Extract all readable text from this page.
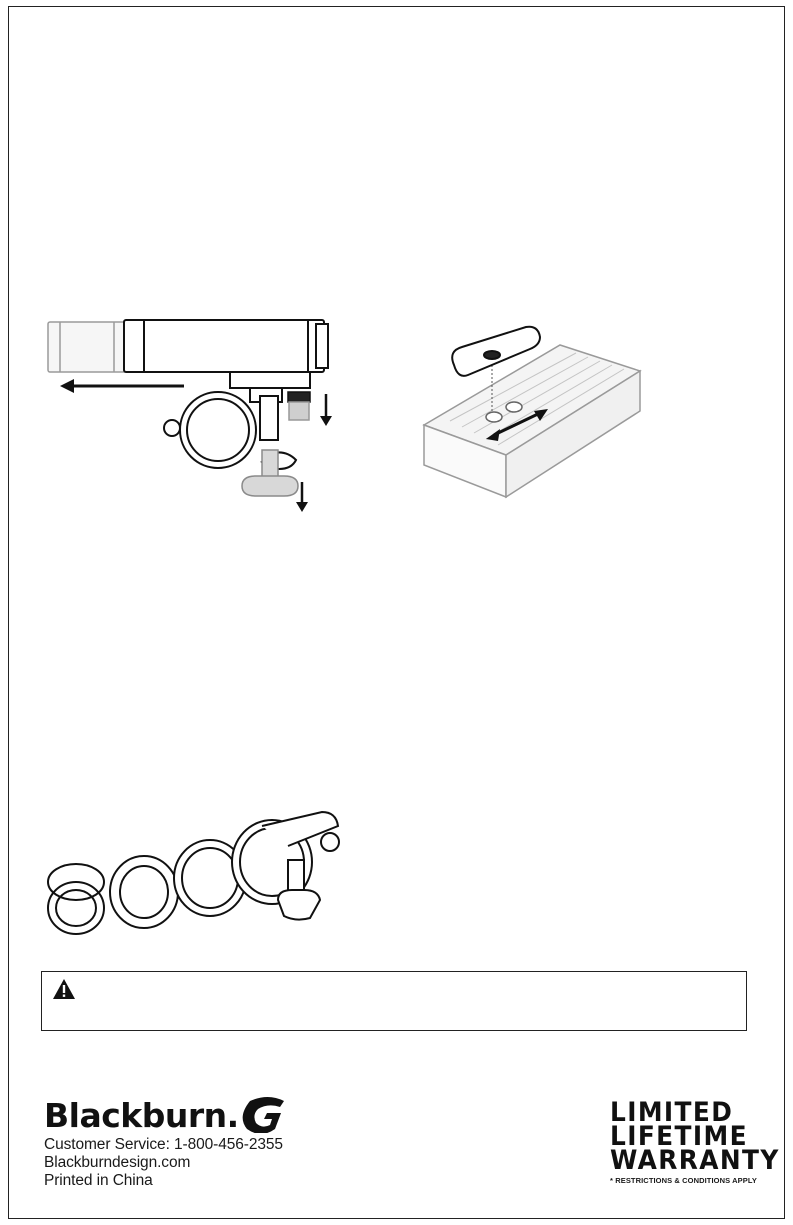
Blackburn.
Customer Service: 1-800-456-2355
Blackburndesign.com
Printed in China
LIMITED
LIFETIME
WARRANTY
* RESTRICTIONS & CONDITIONS APPLY
